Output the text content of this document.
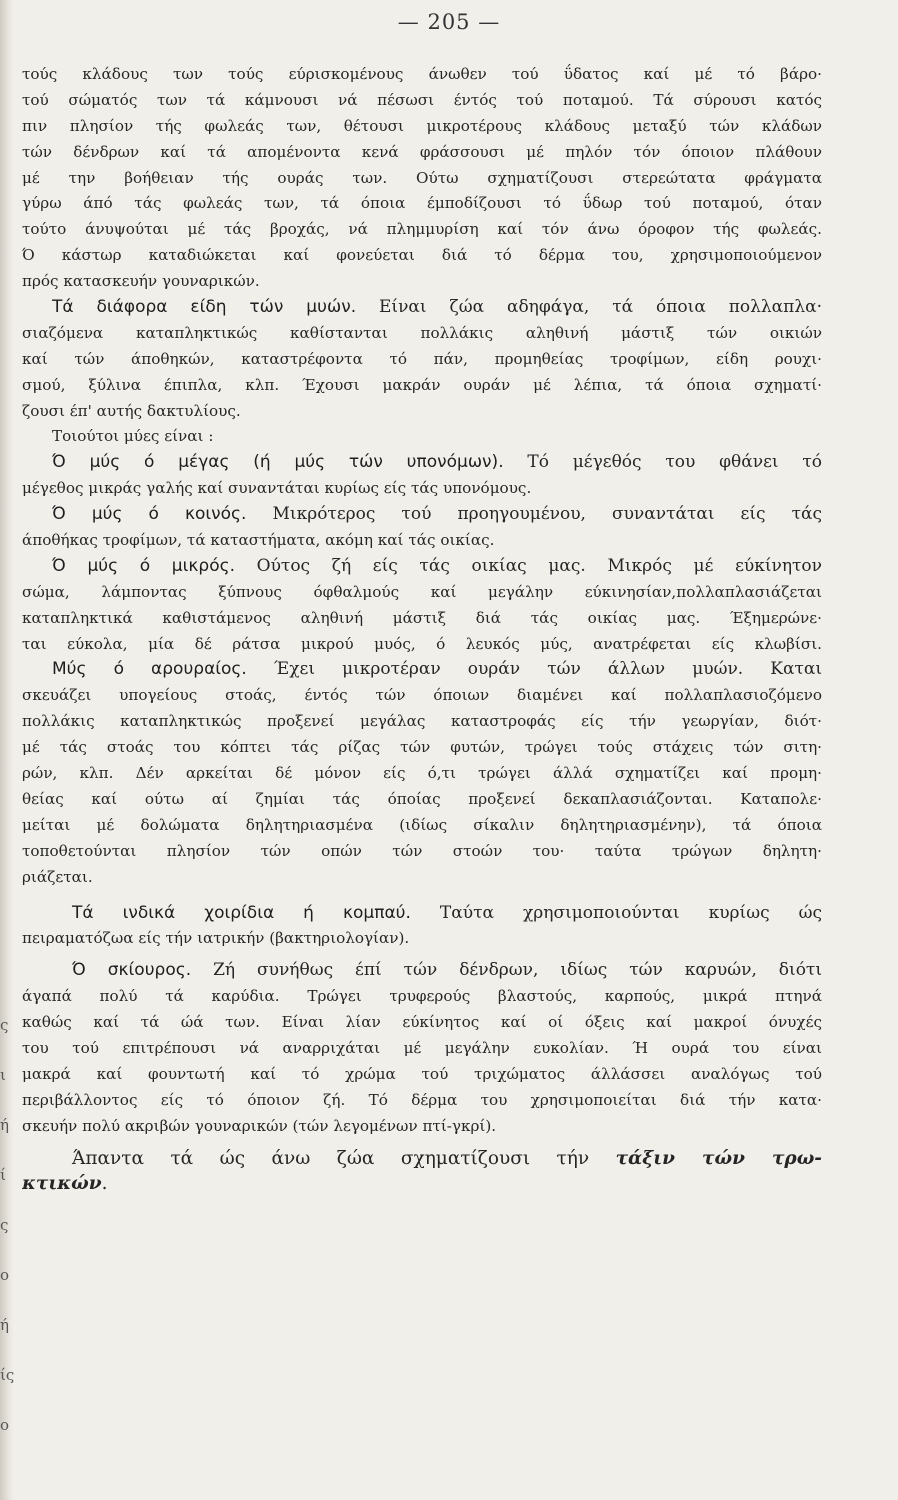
ς
ι
ή
ί
ς
ο
ή
ίς
ο
— 205 —
τούς κλάδους των τούς εύρισκομένους άνωθεν τού ΰδατος καί μέ τό βάρο·
τού σώματός των τά κάμνουσι νά πέσωσι έντός τού ποταμού. Τά σύρουσι κατός
πιν πλησίον τής φωλεάς των, θέτουσι μικροτέρους κλάδους μεταξύ τών κλάδων
τών δένδρων καί τά απομένοντα κενά φράσσουσι μέ πηλόν τόν όποιον πλάθουν
μέ την βοήθειαν τής ουράς των. Ούτω σχηματίζουσι στερεώτατα φράγματα
γύρω άπό τάς φωλεάς των, τά όποια έμποδίζουσι τό ΰδωρ τού ποταμού, όταν
τούτο άνυψούται μέ τάς βροχάς, νά πλημμυρίση καί τόν άνω όροφον τής φωλεάς.
Ό κάστωρ καταδιώκεται καί φονεύεται διά τό δέρμα του, χρησιμοποιούμενον
πρός κατασκευήν γουναρικών.
Τά διάφορα είδη τών μυών. Είναι ζώα αδηφάγα, τά όποια πολλαπλα·
σιαζόμενα καταπληκτικώς καθίστανται πολλάκις αληθινή μάστιξ τών οικιών
καί τών άποθηκών, καταστρέφοντα τό πάν, προμηθείας τροφίμων, είδη ρουχι·
σμού, ξύλινα έπιπλα, κλπ. Έχουσι μακράν ουράν μέ λέπια, τά όποια σχηματί·
ζουσι έπ' αυτής δακτυλίους.
Τοιούτοι μύες είναι :
Ό μύς ό μέγας (ή μύς τών υπονόμων). Τό μέγεθός του φθάνει τό
μέγεθος μικράς γαλής καί συναντάται κυρίως είς τάς υπονόμους.
Ό μύς ό κοινός. Μικρότερος τού προηγουμένου, συναντάται είς τάς
άποθήκας τροφίμων, τά καταστήματα, ακόμη καί τάς οικίας.
Ό μύς ό μικρός. Ούτος ζή είς τάς οικίας μας. Μικρός μέ εύκίνητον
σώμα, λάμποντας ξύπνους όφθαλμούς καί μεγάλην εύκινησίαν,πολλαπλασιάζεται
καταπληκτικά καθιστάμενος αληθινή μάστιξ διά τάς οικίας μας. Έξημερώνε·
ται εύκολα, μία δέ ράτσα μικρού μυός, ό λευκός μύς, ανατρέφεται είς κλωβίσι.
Μύς ό αρουραίος. Έχει μικροτέραν ουράν τών άλλων μυών. Καται
σκευάζει υπογείους στοάς, έντός τών όποιων διαμένει καί πολλαπλασιοζόμενο
πολλάκις καταπληκτικώς προξενεί μεγάλας καταστροφάς είς τήν γεωργίαν, διότ·
μέ τάς στοάς του κόπτει τάς ρίζας τών φυτών, τρώγει τούς στάχεις τών σιτη·
ρών, κλπ. Δέν αρκείται δέ μόνον είς ό,τι τρώγει άλλά σχηματίζει καί προμη·
θείας καί ούτω αί ζημίαι τάς όποίας προξενεί δεκαπλασιάζονται. Καταπολε·
μείται μέ δολώματα δηλητηριασμένα (ιδίως σίκαλιν δηλητηριασμένην), τά όποια
τοποθετούνται πλησίον τών οπών τών στοών του· ταύτα τρώγων δηλητη·
ριάζεται.
Τά ινδικά χοιρίδια ή κομπαύ. Ταύτα χρησιμοποιούνται κυρίως ώς
πειραματόζωα είς τήν ιατρικήν (βακτηριολογίαν).
Ό σκίουρος. Ζή συνήθως έπί τών δένδρων, ιδίως τών καρυών, διότι
άγαπά πολύ τά καρύδια. Τρώγει τρυφερούς βλαστούς, καρπούς, μικρά πτηνά
καθώς καί τά ώά των. Είναι λίαν εύκίνητος καί οί όξεις καί μακροί όνυχές
του τού επιτρέπουσι νά αναρριχάται μέ μεγάλην ευκολίαν. Ή ουρά του είναι
μακρά καί φουντωτή καί τό χρώμα τού τριχώματος άλλάσσει αναλόγως τού
περιβάλλοντος είς τό όποιον ζή. Τό δέρμα του χρησιμοποιείται διά τήν κατα·
σκευήν πολύ ακριβών γουναρικών (τών λεγομένων πτί-γκρί).
Άπαντα τά ώς άνω ζώα σχηματίζουσι τήν τάξιν τών τρω-
κτικών.
